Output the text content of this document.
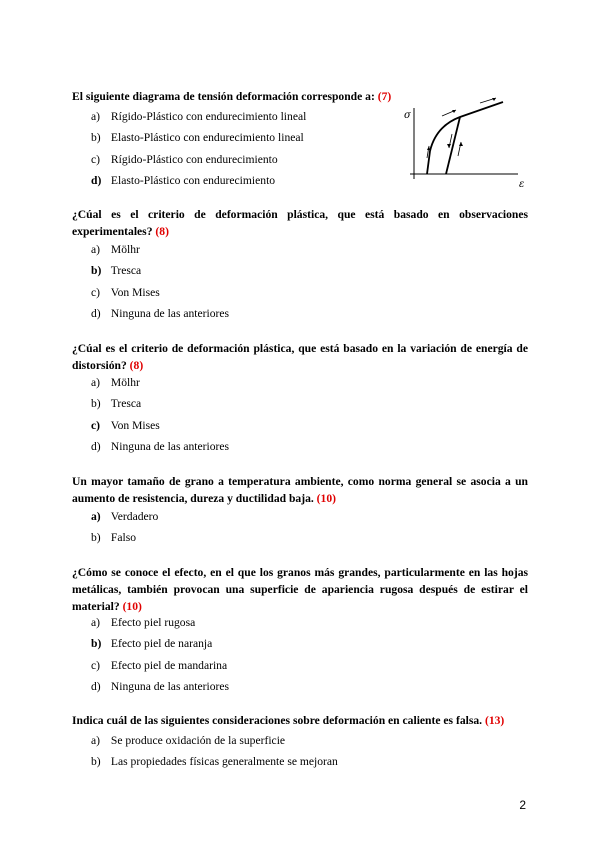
El siguiente diagrama de tensión deformación corresponde a: (7)
a) Rígido-Plástico con endurecimiento lineal
b) Elasto-Plástico con endurecimiento lineal
c) Rígido-Plástico con endurecimiento
d) Elasto-Plástico con endurecimiento
σ
ε
¿Cúal es el criterio de deformación plástica, que está basado en observaciones experimentales? (8)
a) Mölhr
b) Tresca
c) Von Mises
d) Ninguna de las anteriores
¿Cúal es el criterio de deformación plástica, que está basado en la variación de energía de distorsión? (8)
a) Mölhr
b) Tresca
c) Von Mises
d) Ninguna de las anteriores
Un mayor tamaño de grano a temperatura ambiente, como norma general se asocia a un aumento de resistencia, dureza y ductilidad baja. (10)
a) Verdadero
b) Falso
¿Cómo se conoce el efecto, en el que los granos más grandes, particularmente en las hojas metálicas, también provocan una superficie de apariencia rugosa después de estirar el material? (10)
a) Efecto piel rugosa
b) Efecto piel de naranja
c) Efecto piel de mandarina
d) Ninguna de las anteriores
Indica cuál de las siguientes consideraciones sobre deformación en caliente es falsa. (13)
a) Se produce oxidación de la superficie
b) Las propiedades físicas generalmente se mejoran
2
